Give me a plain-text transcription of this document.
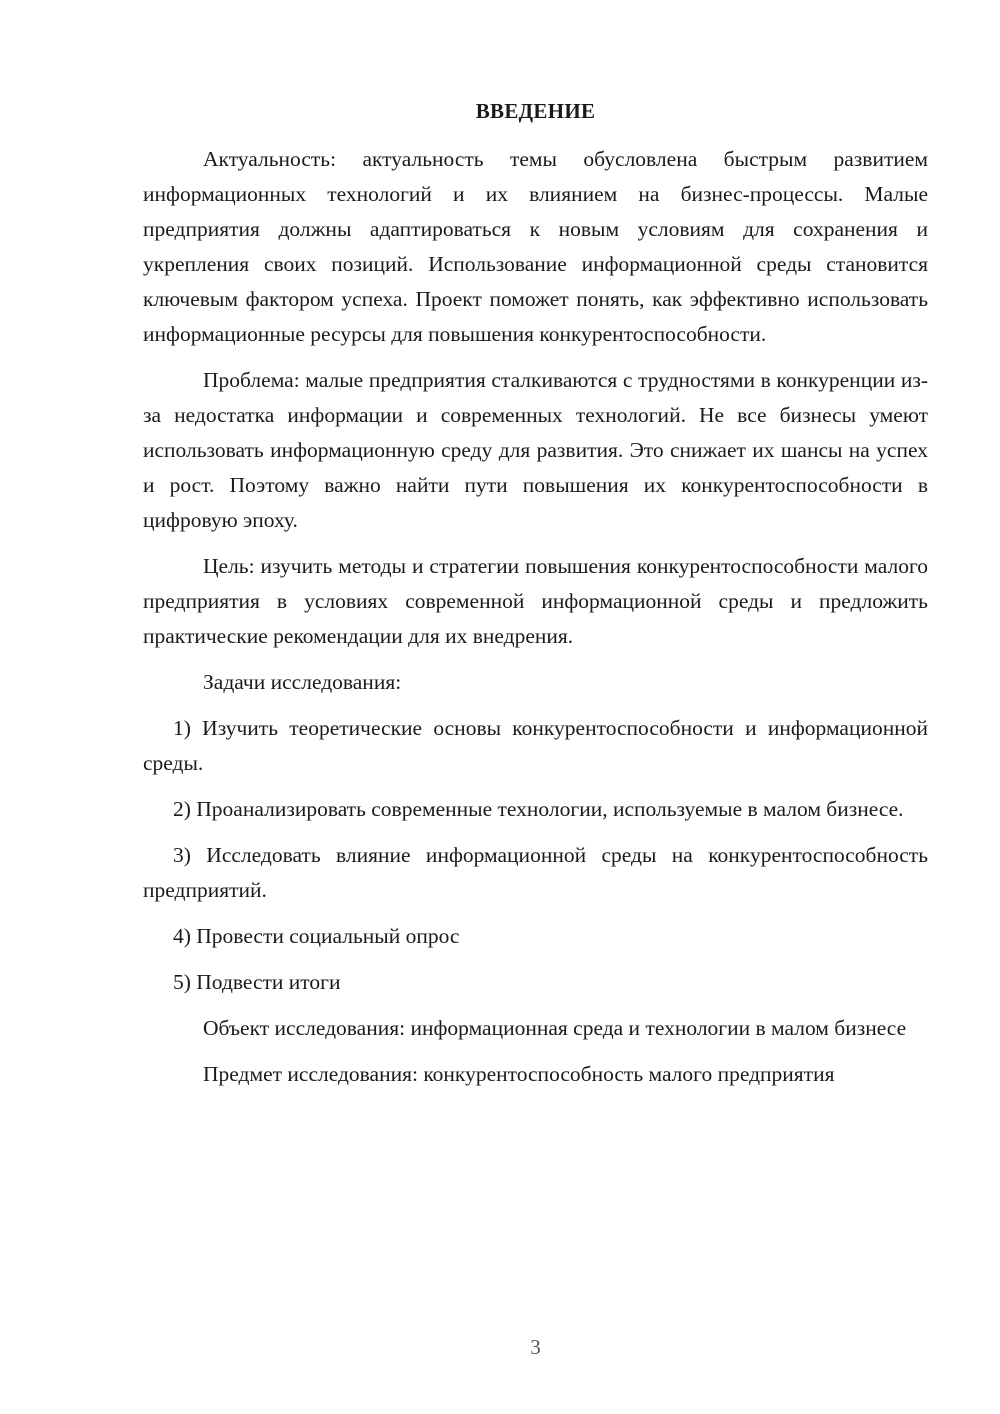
ВВЕДЕНИЕ

Актуальность: актуальность темы обусловлена быстрым развитием информационных технологий и их влиянием на бизнес-процессы. Малые предприятия должны адаптироваться к новым условиям для сохранения и укрепления своих позиций. Использование информационной среды становится ключевым фактором успеха. Проект поможет понять, как эффективно использовать информационные ресурсы для повышения конкурентоспособности.

Проблема: малые предприятия сталкиваются с трудностями в конкуренции из-за недостатка информации и современных технологий. Не все бизнесы умеют использовать информационную среду для развития. Это снижает их шансы на успех и рост. Поэтому важно найти пути повышения их конкурентоспособности в цифровую эпоху.

Цель: изучить методы и стратегии повышения конкурентоспособности малого предприятия в условиях современной информационной среды и предложить практические рекомендации для их внедрения.

Задачи исследования:

1) Изучить теоретические основы конкурентоспособности и информационной среды.

2) Проанализировать современные технологии, используемые в малом бизнесе.

3) Исследовать влияние информационной среды на конкурентоспособность предприятий.

4) Провести социальный опрос

5) Подвести итоги

Объект исследования: информационная среда и технологии в малом бизнесе

Предмет исследования: конкурентоспособность малого предприятия

3
